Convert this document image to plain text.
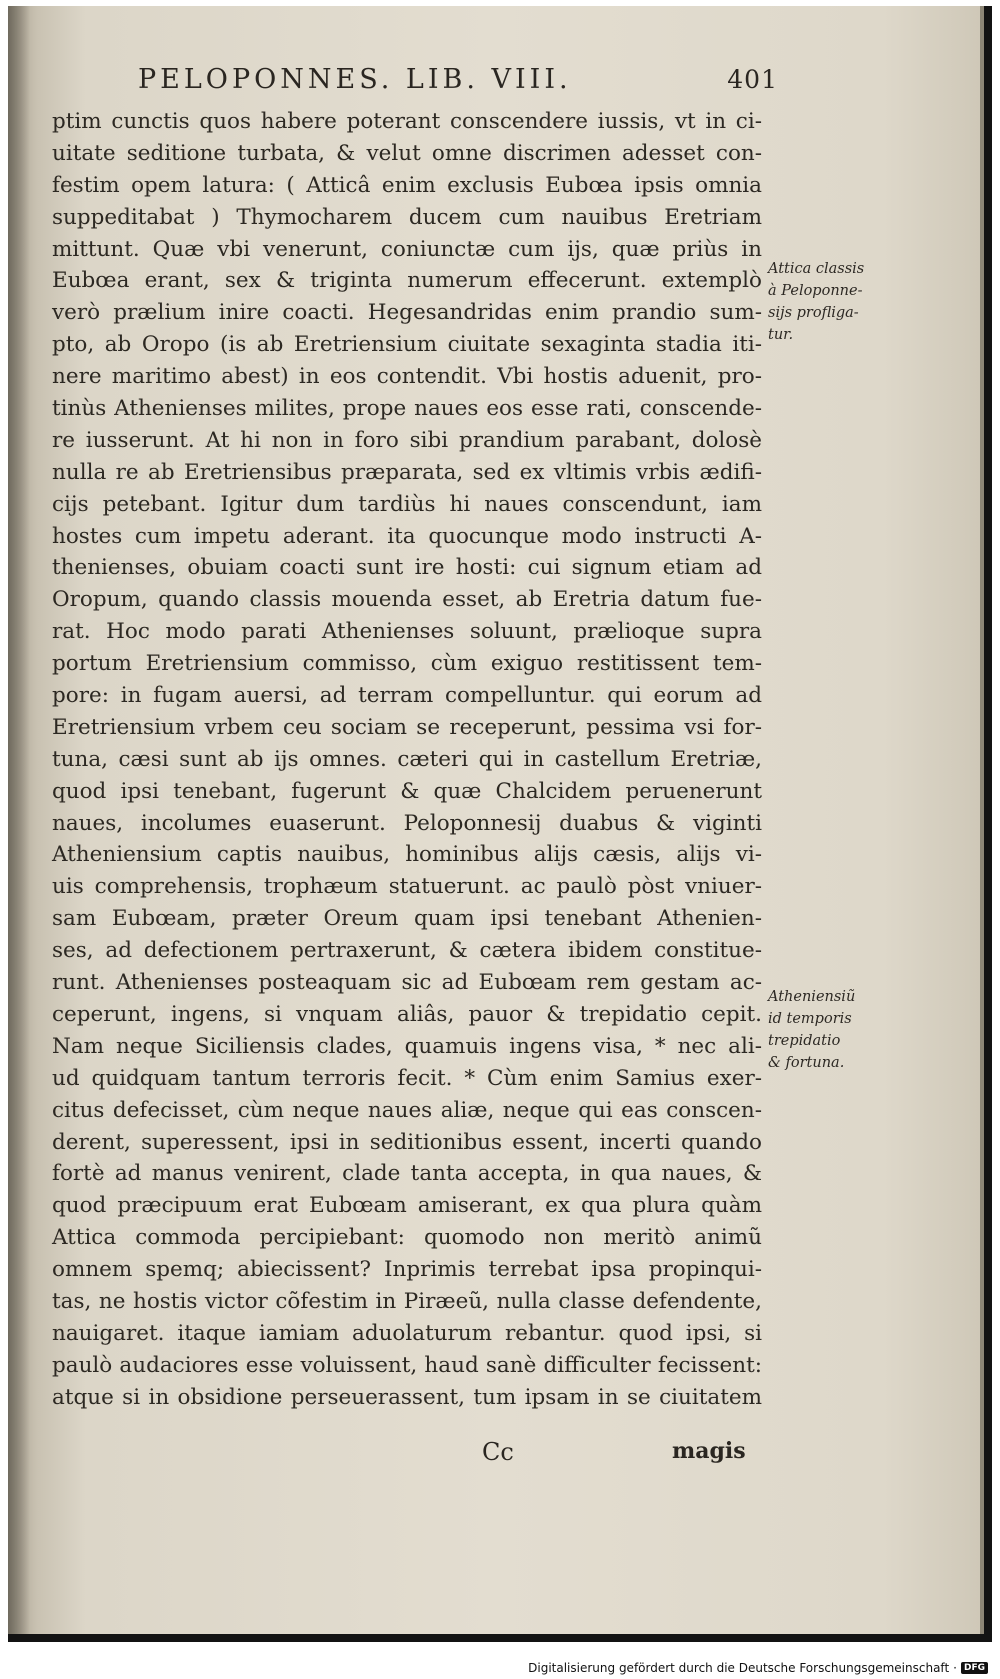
PELOPONNES. LIB. VIII.	401
ptim cunctis quos habere poterant conscendere iussis, vt in ci-
uitate seditione turbata, & velut omne discrimen adesset con-
festim opem latura: ( Atticâ enim exclusis Eubœa ipsis omnia
suppeditabat ) Thymocharem ducem cum nauibus Eretriam
mittunt. Quæ vbi venerunt, coniunctæ cum ijs, quæ priùs in
Eubœa erant, sex & triginta numerum effecerunt. extemplò
verò prælium inire coacti. Hegesandridas enim prandio sum-
pto, ab Oropo (is ab Eretriensium ciuitate sexaginta stadia iti-
nere maritimo abest) in eos contendit. Vbi hostis aduenit, pro-
tinùs Athenienses milites, prope naues eos esse rati, conscende-
re iusserunt. At hi non in foro sibi prandium parabant, dolosè
nulla re ab Eretriensibus præparata, sed ex vltimis vrbis ædifi-
cijs petebant. Igitur dum tardiùs hi naues conscendunt, iam
hostes cum impetu aderant. ita quocunque modo instructi A-
thenienses, obuiam coacti sunt ire hosti: cui signum etiam ad
Oropum, quando classis mouenda esset, ab Eretria datum fue-
rat. Hoc modo parati Athenienses soluunt, prælioque supra
portum Eretriensium commisso, cùm exiguo restitissent tem-
pore: in fugam auersi, ad terram compelluntur. qui eorum ad
Eretriensium vrbem ceu sociam se receperunt, pessima vsi for-
tuna, cæsi sunt ab ijs omnes. cæteri qui in castellum Eretriæ,
quod ipsi tenebant, fugerunt & quæ Chalcidem peruenerunt
naues, incolumes euaserunt. Peloponnesij duabus & viginti
Atheniensium captis nauibus, hominibus alijs cæsis, alijs vi-
uis comprehensis, trophæum statuerunt. ac paulò pòst vniuer-
sam Eubœam, præter Oreum quam ipsi tenebant Athenien-
ses, ad defectionem pertraxerunt, & cætera ibidem constitue-
runt. Athenienses posteaquam sic ad Eubœam rem gestam ac-
ceperunt, ingens, si vnquam aliâs, pauor & trepidatio cepit.
Nam neque Siciliensis clades, quamuis ingens visa, * nec ali-
ud quidquam tantum terroris fecit. * Cùm enim Samius exer-
citus defecisset, cùm neque naues aliæ, neque qui eas conscen-
derent, superessent, ipsi in seditionibus essent, incerti quando
fortè ad manus venirent, clade tanta accepta, in qua naues, &
quod præcipuum erat Eubœam amiserant, ex qua plura quàm
Attica commoda percipiebant: quomodo non meritò animũ
omnem spemq; abiecissent? Inprimis terrebat ipsa propinqui-
tas, ne hostis victor cõfestim in Piræeũ, nulla classe defendente,
nauigaret. itaque iamiam aduolaturum rebantur. quod ipsi, si
paulò audaciores esse voluissent, haud sanè difficulter fecissent:
atque si in obsidione perseuerassent, tum ipsam in se ciuitatem
Attica classis
à Peloponne-
sijs profliga-
tur.
Atheniensiũ
id temporis
trepidatio
& fortuna.
Cc	magis
Digitalisierung gefördert durch die Deutsche Forschungsgemeinschaft · DFG
